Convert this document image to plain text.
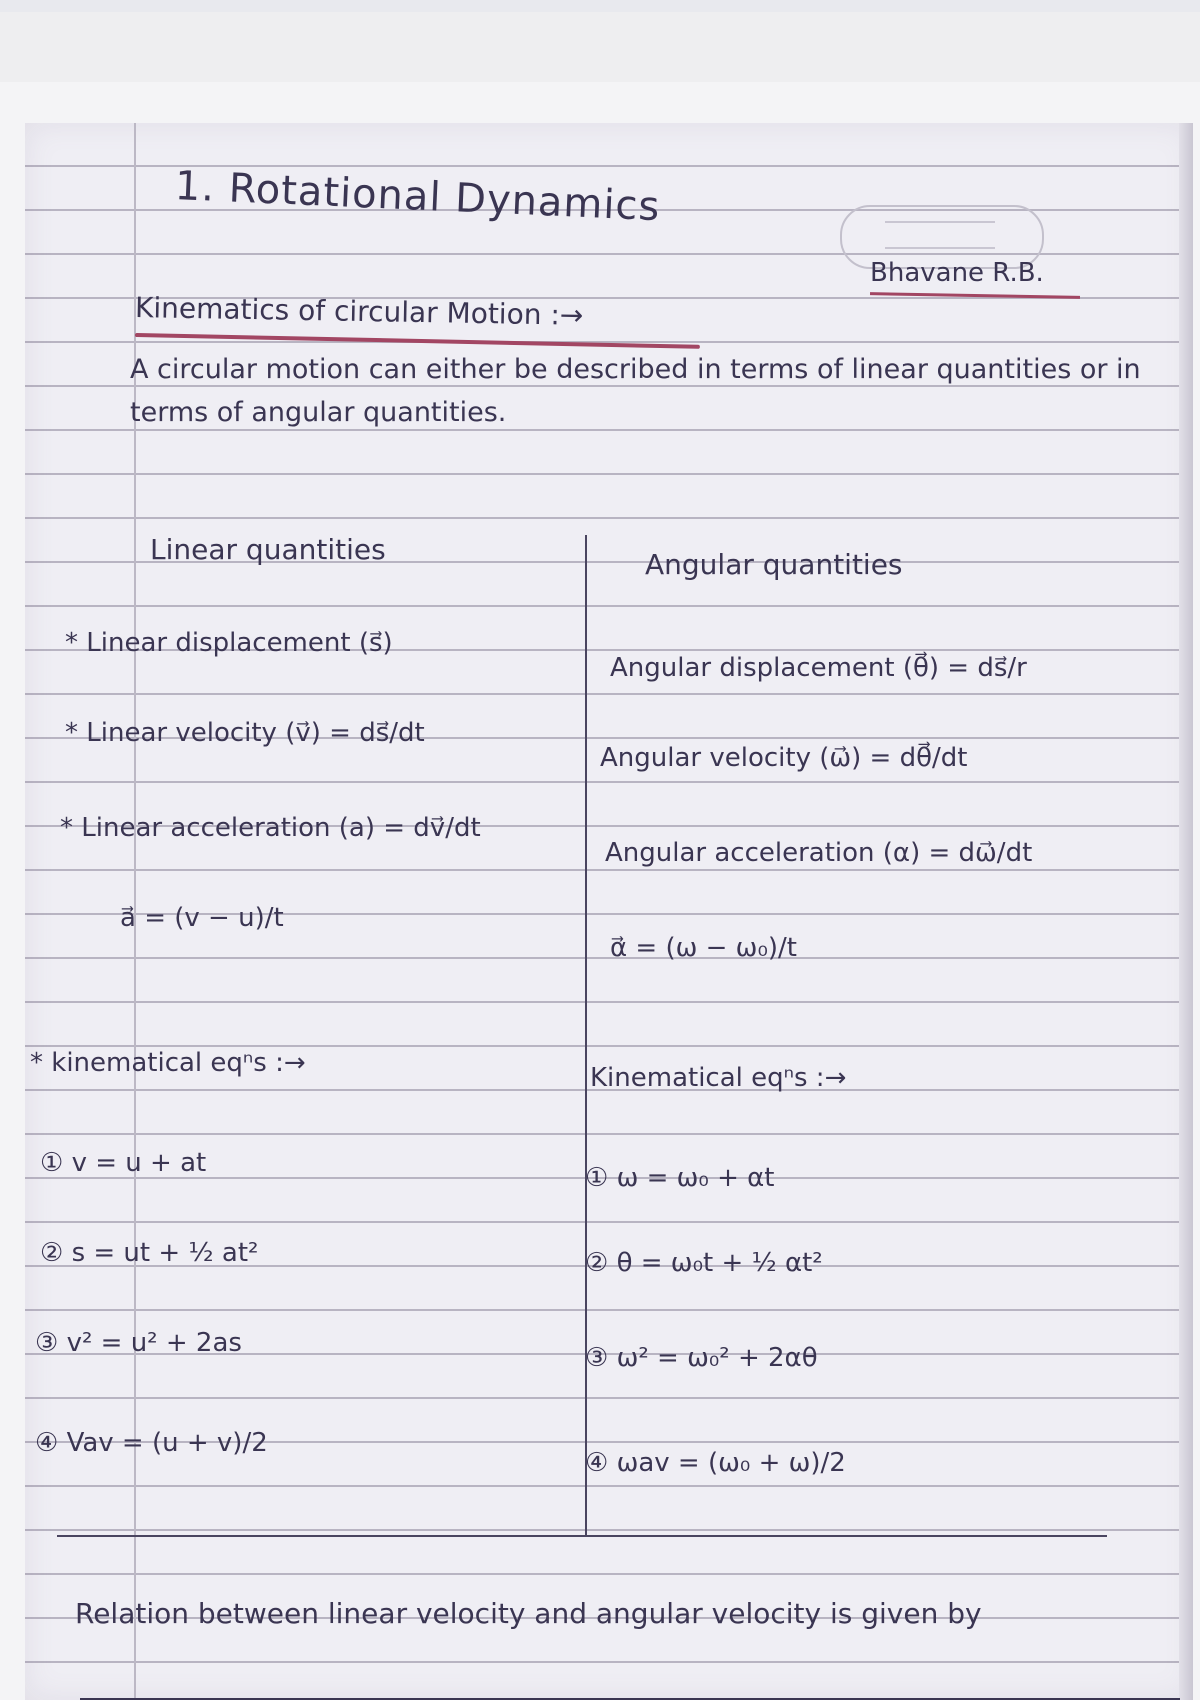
1. Rotational Dynamics
Bhavane R.B.
Kinematics of circular Motion :→
A circular motion can either be described in terms of linear quantities or in terms of angular quantities.
Linear quantities	Angular quantities
* Linear displacement (s⃗)
* Linear velocity (v⃗) = ds⃗/dt
* Linear acceleration (a) = dv⃗/dt
a⃗ = (v − u)/t
* kinematical eqⁿs :→
① v = u + at
② s = ut + ½ at²
③ v² = u² + 2as
④ Vav = (u + v)/2
Angular displacement (θ⃗) = ds⃗/r
Angular velocity (ω⃗) = dθ⃗/dt
Angular acceleration (α) = dω⃗/dt
α⃗ = (ω − ω₀)/t
Kinematical eqⁿs :→
① ω = ω₀ + αt
② θ = ω₀t + ½ αt²
③ ω² = ω₀² + 2αθ
④ ωav = (ω₀ + ω)/2
Relation between linear velocity and angular velocity is given by
